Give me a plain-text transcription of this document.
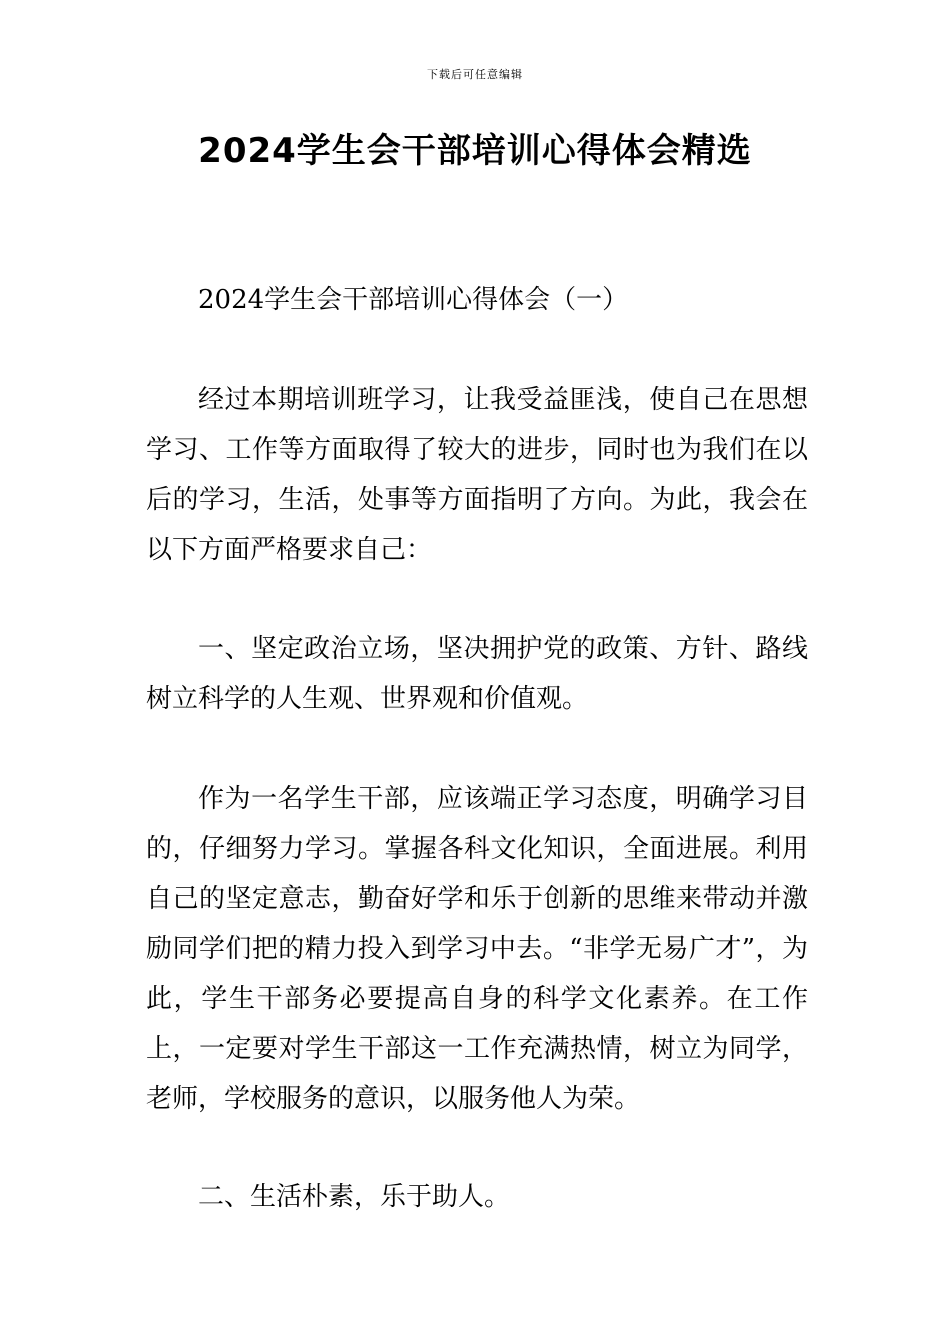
下载后可任意编辑
2024学生会干部培训心得体会精选

2024学生会干部培训心得体会（一）

经过本期培训班学习，让我受益匪浅，使自己在思想学习、工作等方面取得了较大的进步，同时也为我们在以后的学习，生活，处事等方面指明了方向。为此，我会在以下方面严格要求自己：

一、坚定政治立场，坚决拥护党的政策、方针、路线树立科学的人生观、世界观和价值观。

作为一名学生干部，应该端正学习态度，明确学习目的，仔细努力学习。掌握各科文化知识，全面进展。利用自己的坚定意志，勤奋好学和乐于创新的思维来带动并激励同学们把的精力投入到学习中去。“非学无易广才”，为此，学生干部务必要提高自身的科学文化素养。在工作上，一定要对学生干部这一工作充满热情，树立为同学，老师，学校服务的意识，以服务他人为荣。

二、生活朴素，乐于助人。
